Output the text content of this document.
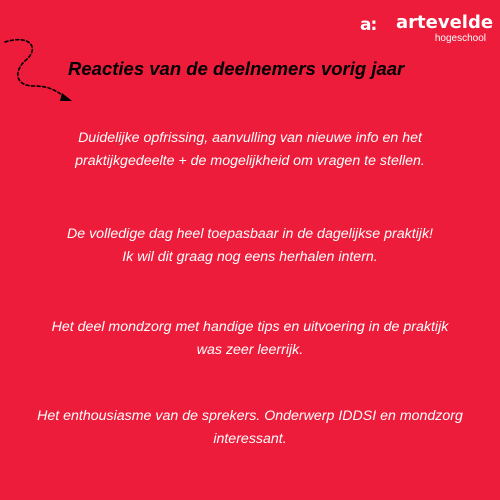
a: artevelde
hogeschool
Reacties van de deelnemers vorig jaar

Duidelijke opfrissing, aanvulling van nieuwe info en het
praktijkgedeelte + de mogelijkheid om vragen te stellen.

De volledige dag heel toepasbaar in de dagelijkse praktijk!
Ik wil dit graag nog eens herhalen intern.

Het deel mondzorg met handige tips en uitvoering in de praktijk
was zeer leerrijk.

Het enthousiasme van de sprekers. Onderwerp IDDSI en mondzorg
interessant.
